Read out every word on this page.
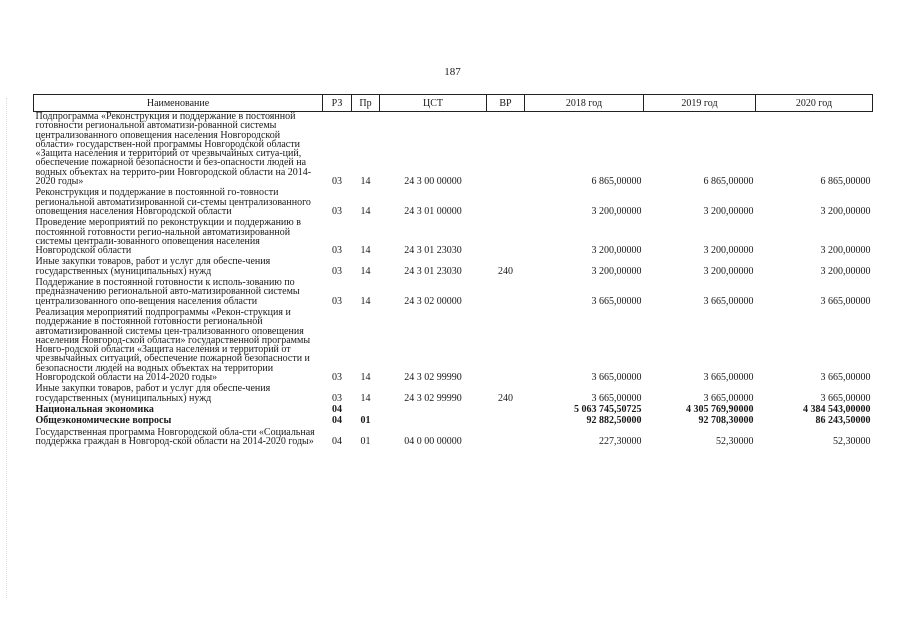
187
Наименование	РЗ	Пр	ЦСТ	ВР	2018 год	2019 год	2020 год
Подпрограмма «Реконструкция и поддержание в постоянной готовности региональной автоматизи-рованной системы централизованного оповещения населения Новгородской области» государствен-ной программы Новгородской области «Защита населения и территорий от чрезвычайных ситуа-ций, обеспечение пожарной безопасности и без-опасности людей на водных объектах на террито-рии Новгородской области на 2014-2020 годы»	03	14	24 3 00 00000		6 865,00000	6 865,00000	6 865,00000
Реконструкция и поддержание в постоянной го-товности региональной автоматизированной си-стемы централизованного оповещения населения Новгородской области	03	14	24 3 01 00000		3 200,00000	3 200,00000	3 200,00000
Проведение мероприятий по реконструкции и поддержанию в постоянной готовности регио-нальной автоматизированной системы централи-зованного оповещения населения Новгородской области	03	14	24 3 01 23030		3 200,00000	3 200,00000	3 200,00000
Иные закупки товаров, работ и услуг для обеспе-чения государственных (муниципальных) нужд	03	14	24 3 01 23030	240	3 200,00000	3 200,00000	3 200,00000
Поддержание в постоянной готовности к исполь-зованию по предназначению региональной авто-матизированной системы централизованного опо-вещения населения области	03	14	24 3 02 00000		3 665,00000	3 665,00000	3 665,00000
Реализация мероприятий подпрограммы «Рекон-струкция и поддержание в постоянной готовности региональной автоматизированной системы цен-трализованного оповещения населения Новгород-ской области» государственной программы Новго-родской области «Защита населения и территорий от чрезвычайных ситуаций, обеспечение пожарной безопасности и безопасности людей на водных объектах на территории Новгородской области на 2014-2020 годы»	03	14	24 3 02 99990		3 665,00000	3 665,00000	3 665,00000
Иные закупки товаров, работ и услуг для обеспе-чения государственных (муниципальных) нужд	03	14	24 3 02 99990	240	3 665,00000	3 665,00000	3 665,00000
Национальная экономика	04				5 063 745,50725	4 305 769,90000	4 384 543,00000
Общеэкономические вопросы	04	01			92 882,50000	92 708,30000	86 243,50000
Государственная программа Новгородской обла-сти «Социальная поддержка граждан в Новгород-ской области на 2014-2020 годы»	04	01	04 0 00 00000		227,30000	52,30000	52,30000
